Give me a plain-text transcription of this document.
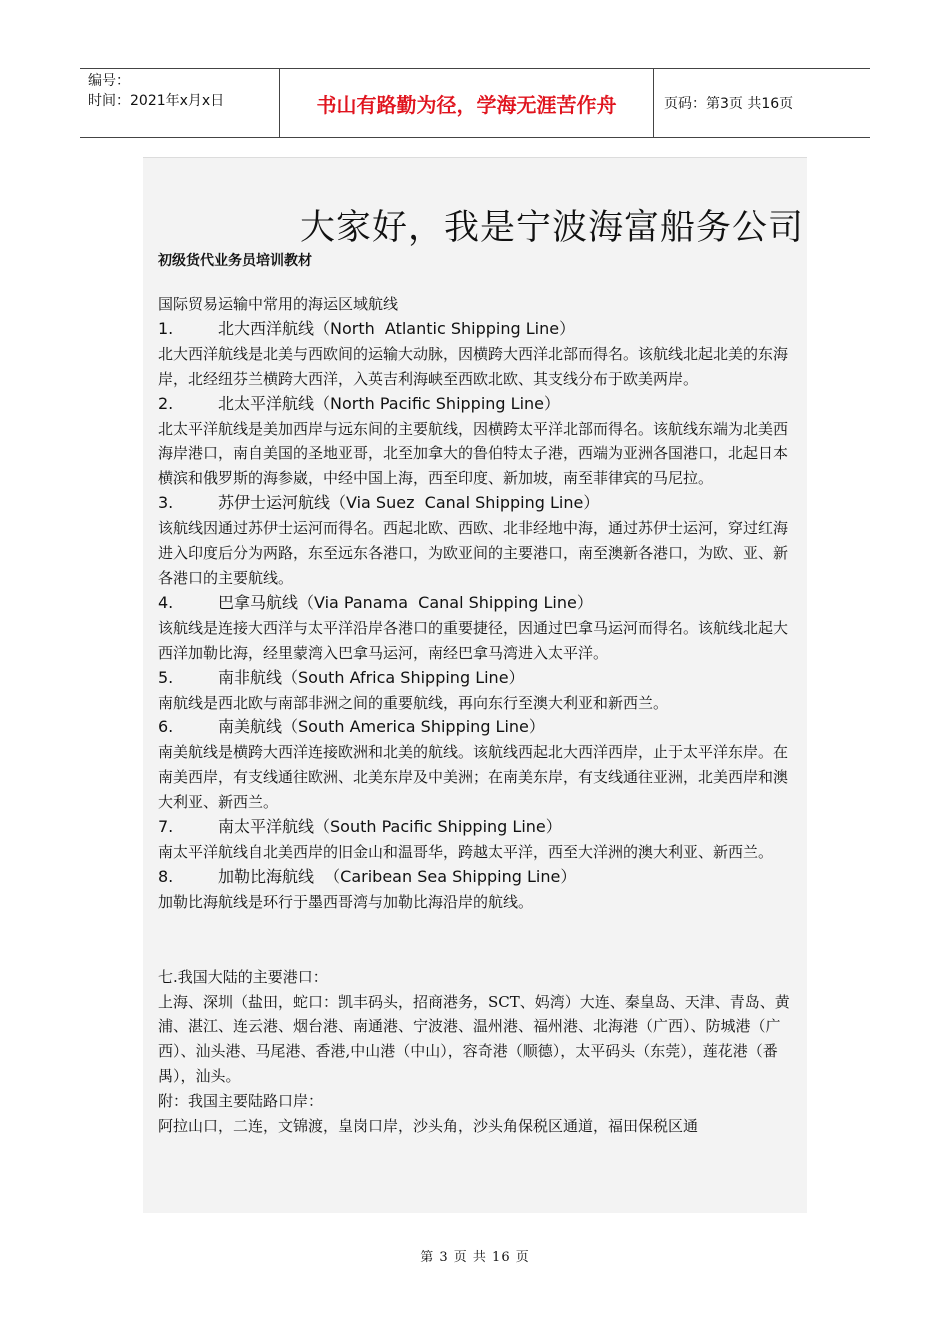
编号：
时间：2021年x月x日	书山有路勤为径，学海无涯苦作舟	页码：第3页 共16页
大家好，我是宁波海富船务公司
初级货代业务员培训教材

国际贸易运输中常用的海运区域航线

1.	北大西洋航线（North  Atlantic Shipping Line）

北大西洋航线是北美与西欧间的运输大动脉，因横跨大西洋北部而得名。该航线北起北美的东海岸，北经纽芬兰横跨大西洋，入英吉利海峡至西欧北欧、其支线分布于欧美两岸。

2.	北太平洋航线（North Pacific Shipping Line）

北太平洋航线是美加西岸与远东间的主要航线，因横跨太平洋北部而得名。该航线东端为北美西海岸港口，南自美国的圣地亚哥，北至加拿大的鲁伯特太子港，西端为亚洲各国港口，北起日本横滨和俄罗斯的海参崴，中经中国上海，西至印度、新加坡，南至菲律宾的马尼拉。

3.	苏伊士运河航线（Via Suez  Canal Shipping Line）

该航线因通过苏伊士运河而得名。西起北欧、西欧、北非经地中海，通过苏伊士运河，穿过红海进入印度后分为两路，东至远东各港口，为欧亚间的主要港口，南至澳新各港口，为欧、亚、新各港口的主要航线。

4.	巴拿马航线（Via Panama  Canal Shipping Line）

该航线是连接大西洋与太平洋沿岸各港口的重要捷径，因通过巴拿马运河而得名。该航线北起大西洋加勒比海，经里蒙湾入巴拿马运河，南经巴拿马湾进入太平洋。

5.	南非航线（South Africa Shipping Line）

南航线是西北欧与南部非洲之间的重要航线，再向东行至澳大利亚和新西兰。

6.	南美航线（South America Shipping Line）

南美航线是横跨大西洋连接欧洲和北美的航线。该航线西起北大西洋西岸，止于太平洋东岸。在南美西岸，有支线通往欧洲、北美东岸及中美洲；在南美东岸，有支线通往亚洲，北美西岸和澳大利亚、新西兰。

7.	南太平洋航线（South Pacific Shipping Line）

南太平洋航线自北美西岸的旧金山和温哥华，跨越太平洋，西至大洋洲的澳大利亚、新西兰。

8.	加勒比海航线  （Caribean Sea Shipping Line）

加勒比海航线是环行于墨西哥湾与加勒比海沿岸的航线。

七.我国大陆的主要港口：

上海、深圳（盐田，蛇口：凯丰码头，招商港务，SCT、妈湾）大连、秦皇岛、天津、青岛、黄浦、湛江、连云港、烟台港、南通港、宁波港、温州港、福州港、北海港（广西）、防城港（广西）、汕头港、马尾港、香港,中山港（中山），容奇港（顺德），太平码头（东莞），莲花港（番禺），汕头。

附：我国主要陆路口岸：

阿拉山口，二连，文锦渡，皇岗口岸，沙头角，沙头角保税区通道，福田保税区通

第 3 页 共 16 页
